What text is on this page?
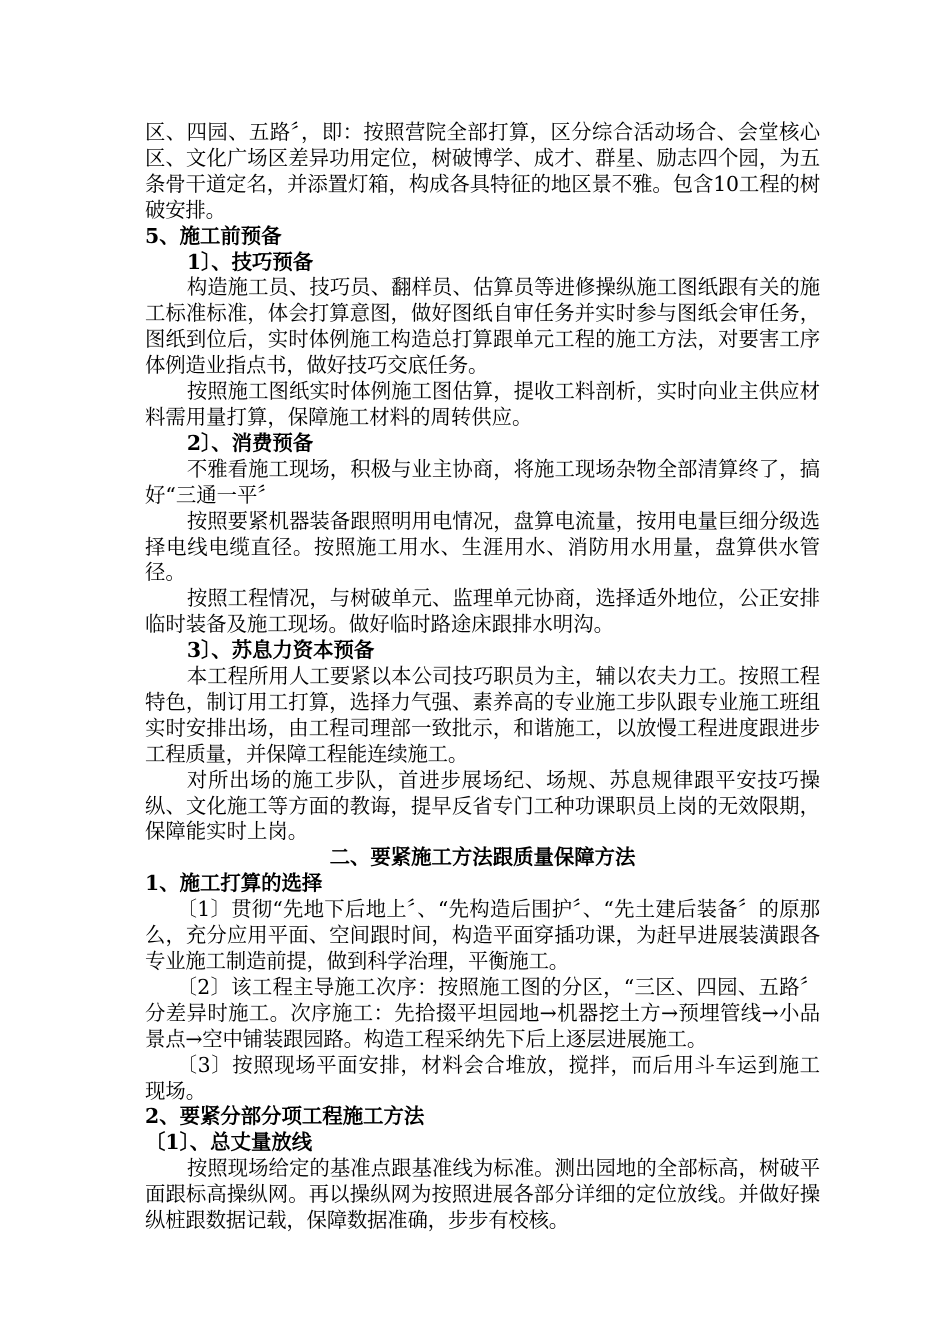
区、四园、五路〞，即：按照营院全部打算，区分综合活动场合、会堂核心区、文化广场区差异功用定位，树破博学、成才、群星、励志四个园，为五条骨干道定名，并添置灯箱，构成各具特征的地区景不雅。包含10工程的树破安排。

5、施工前预备

1〕、技巧预备

构造施工员、技巧员、翻样员、估算员等进修操纵施工图纸跟有关的施工标准标准，体会打算意图，做好图纸自审任务并实时参与图纸会审任务，图纸到位后，实时体例施工构造总打算跟单元工程的施工方法，对要害工序体例造业指点书，做好技巧交底任务。

按照施工图纸实时体例施工图估算，提收工料剖析，实时向业主供应材料需用量打算，保障施工材料的周转供应。

2〕、消费预备

不雅看施工现场，积极与业主协商，将施工现场杂物全部清算终了，搞好“三通一平〞

按照要紧机器装备跟照明用电情况，盘算电流量，按用电量巨细分级选择电线电缆直径。按照施工用水、生涯用水、消防用水用量，盘算供水管径。

按照工程情况，与树破单元、监理单元协商，选择适外地位，公正安排临时装备及施工现场。做好临时路途床跟排水明沟。

3〕、苏息力资本预备

本工程所用人工要紧以本公司技巧职员为主，辅以农夫力工。按照工程特色，制订用工打算，选择力气强、素养高的专业施工步队跟专业施工班组实时安排出场，由工程司理部一致批示，和谐施工，以放慢工程进度跟进步工程质量，并保障工程能连续施工。

对所出场的施工步队，首进步展场纪、场规、苏息规律跟平安技巧操纵、文化施工等方面的教诲，提早反省专门工种功课职员上岗的无效限期，保障能实时上岗。

二、要紧施工方法跟质量保障方法

1、施工打算的选择

〔1〕贯彻“先地下后地上〞、“先构造后围护〞、“先土建后装备〞的原那么，充分应用平面、空间跟时间，构造平面穿插功课，为赶早进展装潢跟各专业施工制造前提，做到科学治理，平衡施工。

〔2〕该工程主导施工次序：按照施工图的分区，“三区、四园、五路〞分差异时施工。次序施工：先拾掇平坦园地→机器挖土方→预埋管线→小品景点→空中铺装跟园路。构造工程采纳先下后上逐层进展施工。

〔3〕按照现场平面安排，材料会合堆放，搅拌，而后用斗车运到施工现场。

2、要紧分部分项工程施工方法

〔1〕、总丈量放线

按照现场给定的基准点跟基准线为标准。测出园地的全部标高，树破平面跟标高操纵网。再以操纵网为按照进展各部分详细的定位放线。并做好操纵桩跟数据记载，保障数据准确，步步有校核。
